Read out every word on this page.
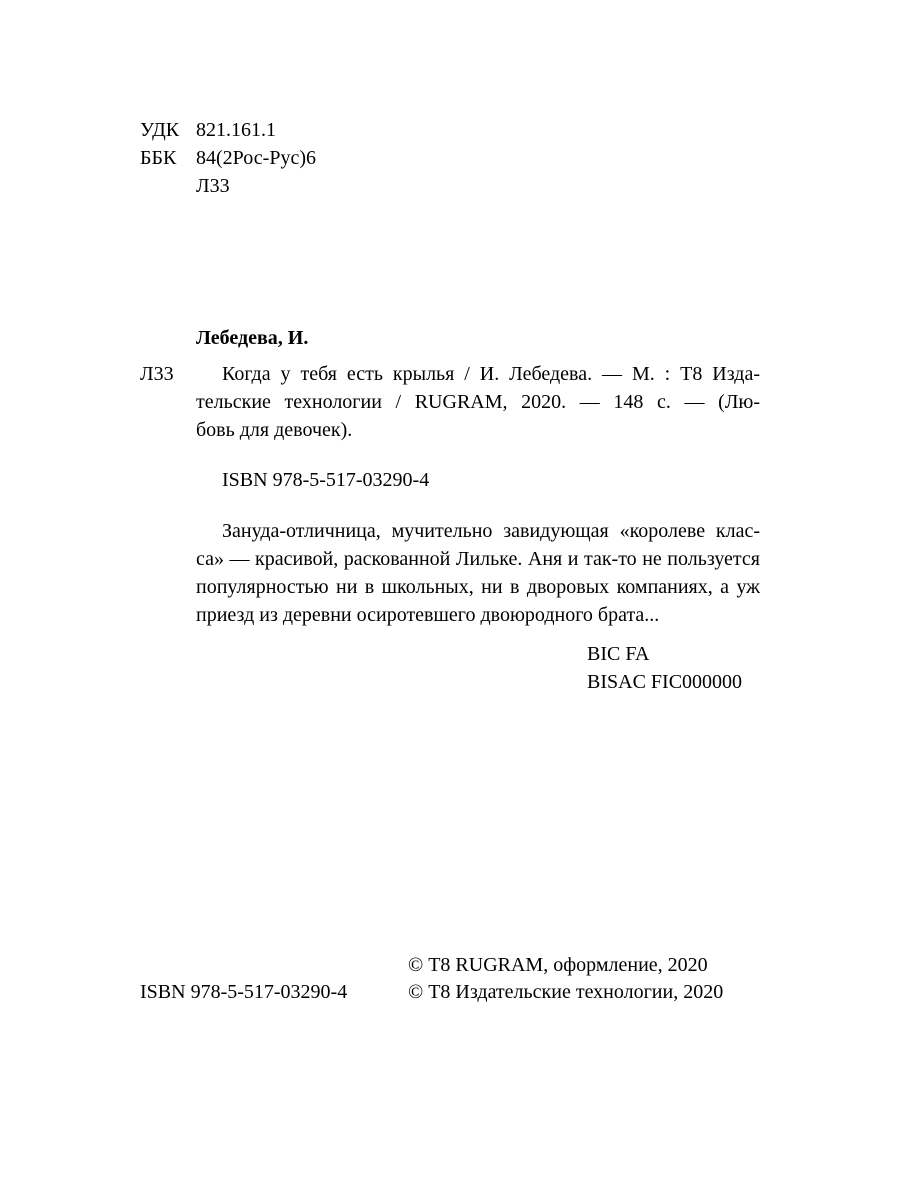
УДК 821.161.1
ББК 84(2Рос-Рус)6
Л33
Лебедева, И.
Л33	Когда у тебя есть крылья / И. Лебедева. — М. : Т8 Изда-
тельские технологии / RUGRAM, 2020. — 148 с. — (Лю-
бовь для девочек).
ISBN 978-5-517-03290-4
Зануда-отличница, мучительно завидующая «королеве клас-
са» — красивой, раскованной Лильке. Аня и так-то не пользуется
популярностью ни в школьных, ни в дворовых компаниях, а уж
приезд из деревни осиротевшего двоюродного брата...
BIC FA
BISAC FIC000000
© Т8 RUGRAM, оформление, 2020
ISBN 978-5-517-03290-4	© Т8 Издательские технологии, 2020
